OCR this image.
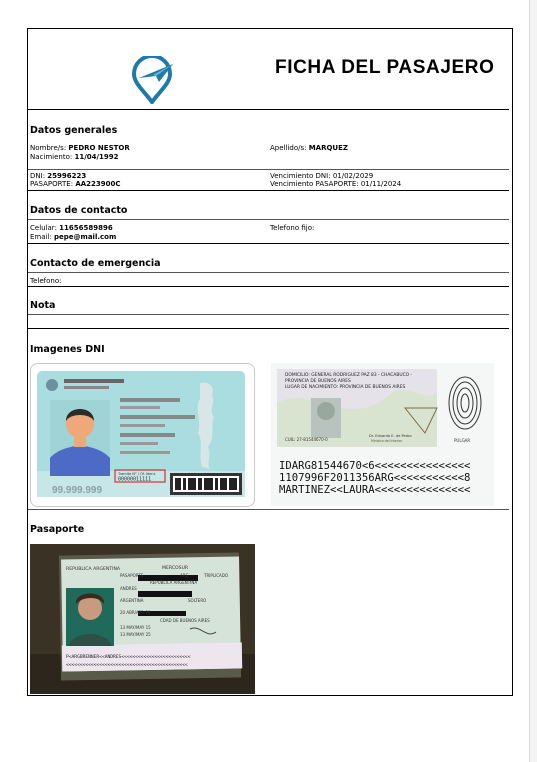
FICHA DEL PASAJERO
Datos generales
Nombre/s: PEDRO NESTOR	Apellido/s: MARQUEZ
Nacimiento: 11/04/1992
DNI: 25996223	Vencimiento DNI: 01/02/2029
PASAPORTE: AA223900C	Vencimiento PASAPORTE: 01/11/2024
Datos de contacto
Celular: 11656589896	Telefono fijo:
Email: pepe@mail.com
Contacto de emergencia
Telefono:
Nota
Imagenes DNI
Tramite N° / Of. Ident.
00000011111
99.999.999
DOMICILIO: GENERAL RODRIGUEZ PAZ 83 - CHACABUCO -
PROVINCIA DE BUENOS AIRES
LUGAR DE NACIMIENTO: PROVINCIA DE BUENOS AIRES
CUIL: 27-81544670-0
Dr. Eduardo E. de Pedro
Ministro del Interior	PULGAR
IDARG81544670<6<<<<<<<<<<<<<<<
1107996F2011356ARG<<<<<<<<<<<8
MARTINEZ<<LAURA<<<<<<<<<<<<<<<
Pasaporte
REPUBLICA ARGENTINA	MERCOSUR
PASAPORTE	ARG	TRIPLICADO
ANDRES
ARGENTINA	SOLTERO
REPUBLICA ARGENTINA
20 ABR/APR 98
CDAD DE BUENOS AIRES
13 MAY/MAY 15
13 MAY/MAY 25
P<ARGBRENNER<<ANDRES<<<<<<<<<<<<<<<<<<<<<<<<<
<<<<<<<<<<<<<<<<<<<<<<<<<<<<<<<<<<<<<<<<<<<<
